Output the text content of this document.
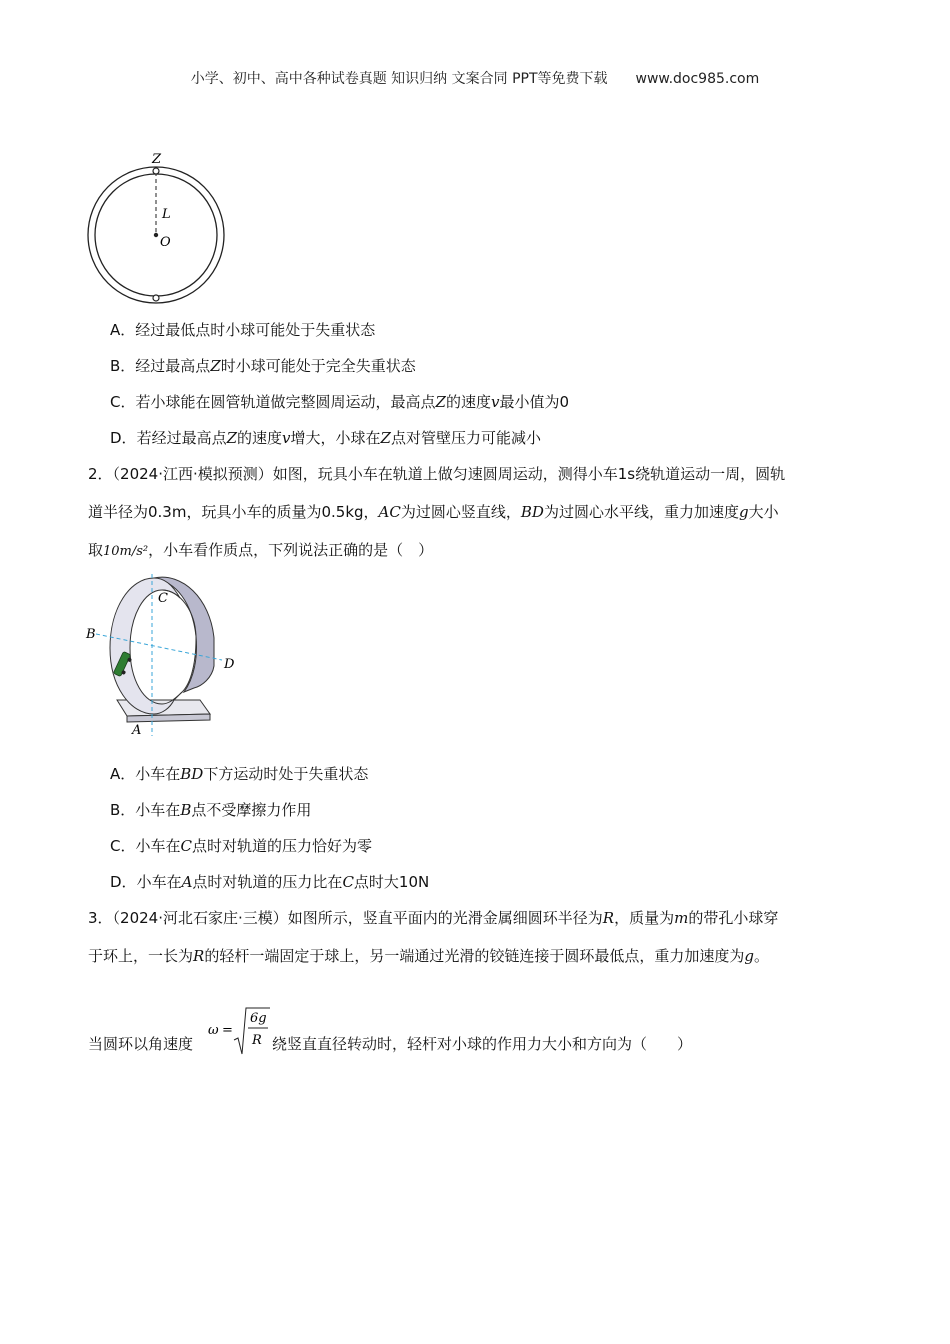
小学、初中、高中各种试卷真题 知识归纳 文案合同 PPT等免费下载 www.doc985.com
Z
L
O
A．经过最低点时小球可能处于失重状态
B．经过最高点Z时小球可能处于完全失重状态
C．若小球能在圆管轨道做完整圆周运动，最高点Z的速度v最小值为0
D．若经过最高点Z的速度v增大，小球在Z点对管壁压力可能减小
2．（2024·江西·模拟预测）如图，玩具小车在轨道上做匀速圆周运动，测得小车1s绕轨道运动一周，圆轨
道半径为0.3m，玩具小车的质量为0.5kg，AC为过圆心竖直线，BD为过圆心水平线，重力加速度g大小
取10m/s²，小车看作质点，下列说法正确的是（　）
C
B
D
A
A．小车在BD下方运动时处于失重状态
B．小车在B点不受摩擦力作用
C．小车在C点时对轨道的压力恰好为零
D．小车在A点时对轨道的压力比在C点时大10N
3．（2024·河北石家庄·三模）如图所示，竖直平面内的光滑金属细圆环半径为R，质量为m的带孔小球穿
于环上，一长为R的轻杆一端固定于球上，另一端通过光滑的铰链连接于圆环最低点，重力加速度为g。
当圆环以角速度
ω =
6g
R 绕竖直直径转动时，轻杆对小球的作用力大小和方向为（　　）
